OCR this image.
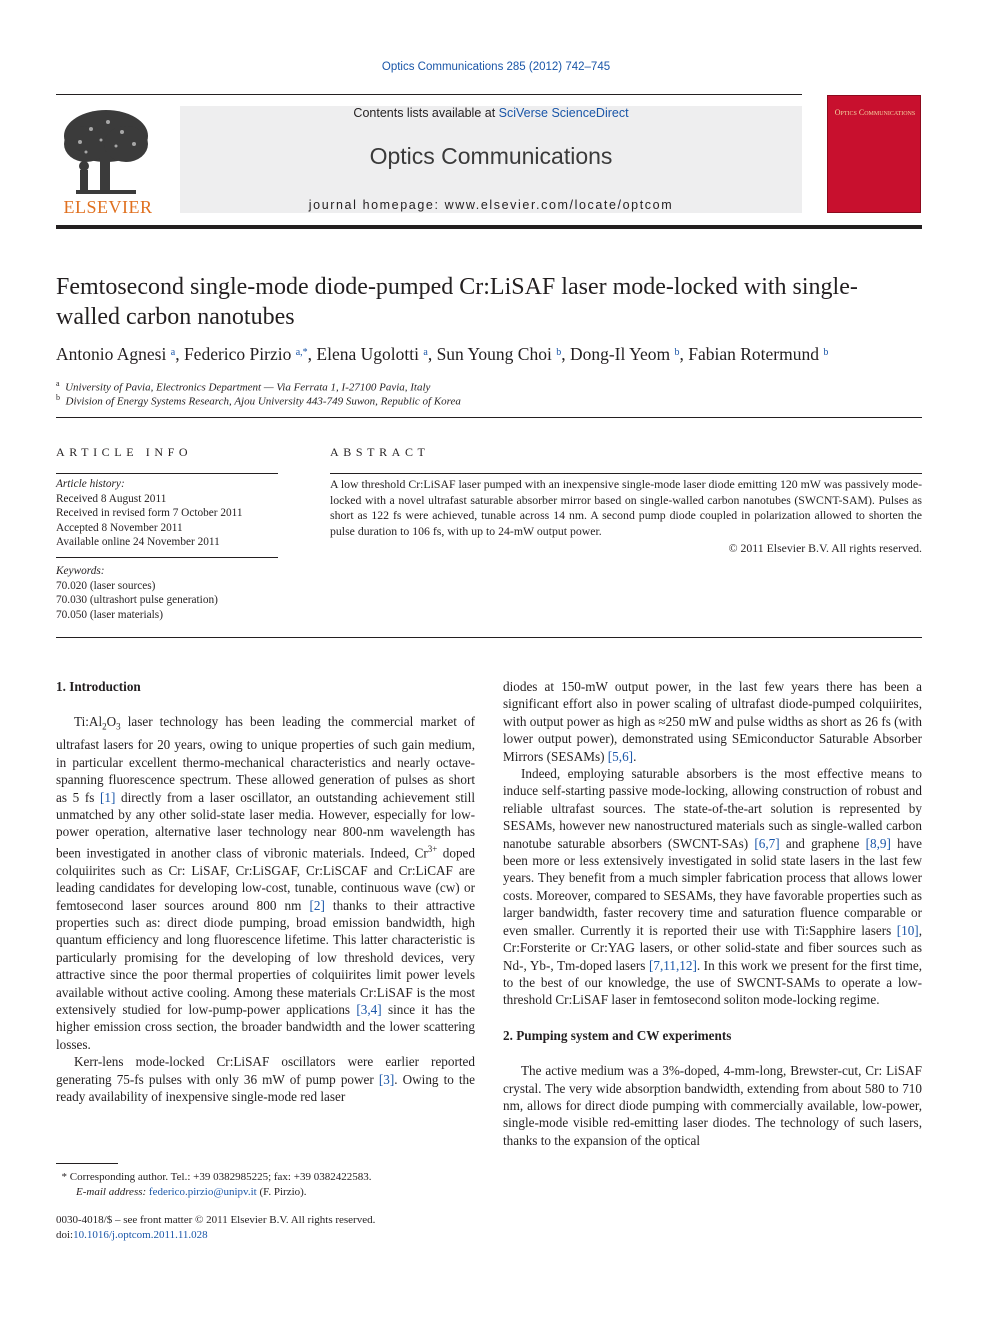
Optics Communications 285 (2012) 742–745
ELSEVIER
Contents lists available at SciVerse ScienceDirect
Optics Communications
journal homepage: www.elsevier.com/locate/optcom
Optics Communications
Femtosecond single-mode diode-pumped Cr:LiSAF laser mode-locked with single-walled carbon nanotubes
Antonio Agnesi $^a$, Federico Pirzio $^{a,*}$, Elena Ugolotti $^a$, Sun Young Choi $^b$, Dong-Il Yeom $^b$, Fabian Rotermund $^b$
$^a$ University of Pavia, Electronics Department — Via Ferrata 1, I-27100 Pavia, Italy
$^b$ Division of Energy Systems Research, Ajou University 443-749 Suwon, Republic of Korea
ARTICLE INFO	ABSTRACT
Article history:
Received 8 August 2011
Received in revised form 7 October 2011
Accepted 8 November 2011
Available online 24 November 2011
Keywords:
70.020 (laser sources)
70.030 (ultrashort pulse generation)
70.050 (laser materials)
A low threshold Cr:LiSAF laser pumped with an inexpensive single-mode laser diode emitting 120 mW was passively mode-locked with a novel ultrafast saturable absorber mirror based on single-walled carbon nanotubes (SWCNT-SAM). Pulses as short as 122 fs were achieved, tunable across 14 nm. A second pump diode coupled in polarization allowed to shorten the pulse duration to 106 fs, with up to 24-mW output power.
© 2011 Elsevier B.V. All rights reserved.

1. Introduction

$Ti:Al_2O_3$ laser technology has been leading the commercial market of ultrafast lasers for 20 years, owing to unique properties of such gain medium, in particular excellent thermo-mechanical characteristics and nearly octave-spanning fluorescence spectrum. These allowed generation of pulses as short as 5 fs [1] directly from a laser oscillator, an outstanding achievement still unmatched by any other solid-state laser media. However, especially for low-power operation, alternative laser technology near 800-nm wavelength has been investigated in another class of vibronic materials. Indeed, $Cr^{3+}$ doped colquiirites such as Cr: LiSAF, Cr:LiSGAF, Cr:LiSCAF and Cr:LiCAF are leading candidates for developing low-cost, tunable, continuous wave (cw) or femtosecond laser sources around 800 nm [2] thanks to their attractive properties such as: direct diode pumping, broad emission bandwidth, high quantum efficiency and long fluorescence lifetime. This latter characteristic is particularly promising for the developing of low threshold devices, very attractive since the poor thermal properties of colquiirites limit power levels available without active cooling. Among these materials Cr:LiSAF is the most extensively studied for low-pump-power applications [3,4] since it has the higher emission cross section, the broader bandwidth and the lower scattering losses.

Kerr-lens mode-locked Cr:LiSAF oscillators were earlier reported generating 75-fs pulses with only 36 mW of pump power [3]. Owing to the ready availability of inexpensive single-mode red laser

diodes at 150-mW output power, in the last few years there has been a significant effort also in power scaling of ultrafast diode-pumped colquiirites, with output power as high as ≈250 mW and pulse widths as short as 26 fs (with lower output power), demonstrated using SEmiconductor Saturable Absorber Mirrors (SESAMs) [5,6].

Indeed, employing saturable absorbers is the most effective means to induce self-starting passive mode-locking, allowing construction of robust and reliable ultrafast sources. The state-of-the-art solution is represented by SESAMs, however new nanostructured materials such as single-walled carbon nanotube saturable absorbers (SWCNT-SAs) [6,7] and graphene [8,9] have been more or less extensively investigated in solid state lasers in the last few years. They benefit from a much simpler fabrication process that allows lower costs. Moreover, compared to SESAMs, they have favorable properties such as larger bandwidth, faster recovery time and saturation fluence comparable or even smaller. Currently it is reported their use with Ti:Sapphire lasers [10], Cr:Forsterite or Cr:YAG lasers, or other solid-state and fiber sources such as Nd-, Yb-, Tm-doped lasers [7,11,12]. In this work we present for the first time, to the best of our knowledge, the use of SWCNT-SAMs to operate a low-threshold Cr:LiSAF laser in femtosecond soliton mode-locking regime.

2. Pumping system and CW experiments

The active medium was a 3%-doped, 4-mm-long, Brewster-cut, Cr: LiSAF crystal. The very wide absorption bandwidth, extending from about 580 to 710 nm, allows for direct diode pumping with commercially available, low-power, single-mode visible red-emitting laser diodes. The technology of such lasers, thanks to the expansion of the optical

* Corresponding author. Tel.: +39 0382985225; fax: +39 0382422583.
E-mail address: federico.pirzio@unipv.it (F. Pirzio).
0030-4018/$ – see front matter © 2011 Elsevier B.V. All rights reserved.
doi:10.1016/j.optcom.2011.11.028
